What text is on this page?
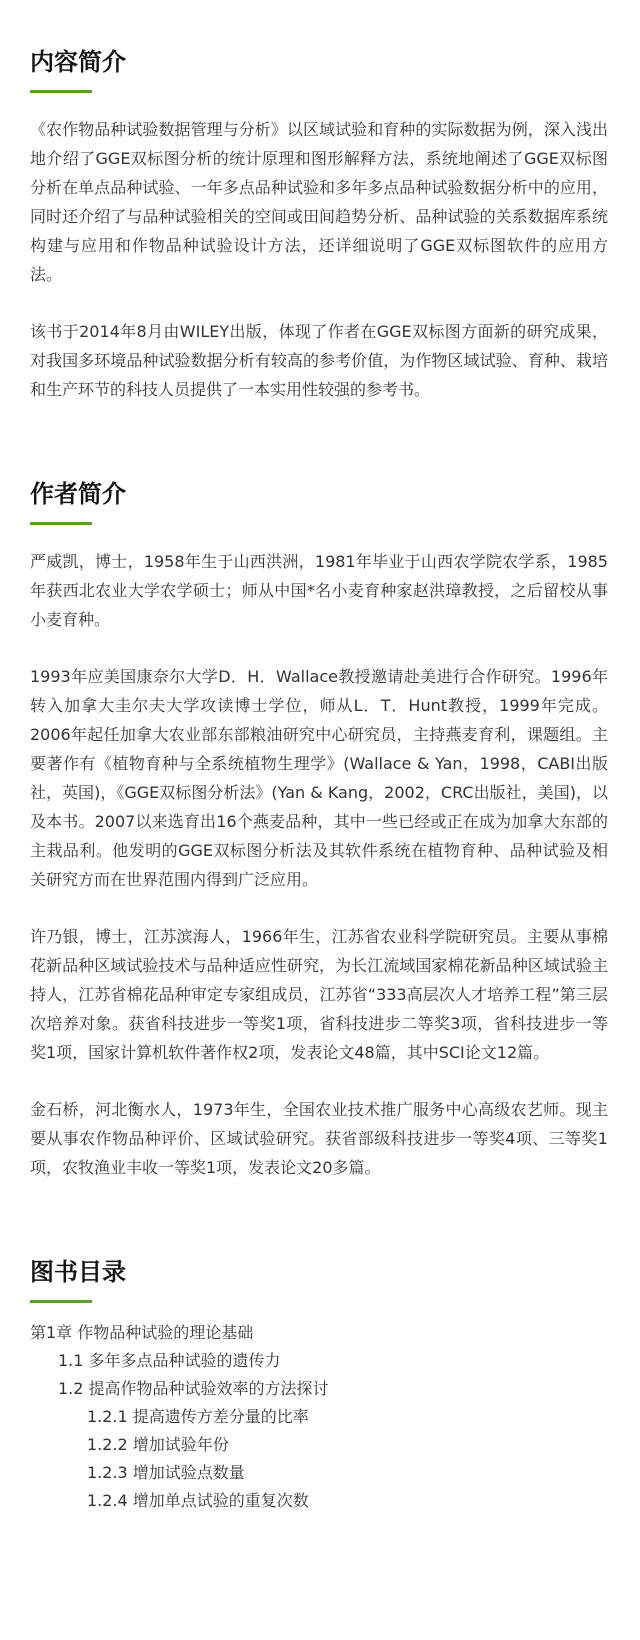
内容简介

《农作物品种试验数据管理与分析》以区域试验和育种的实际数据为例，深入浅出地介绍了GGE双标图分析的统计原理和图形解释方法，系统地阐述了GGE双标图分析在单点品种试验、一年多点品种试验和多年多点品种试验数据分析中的应用，同时还介绍了与品种试验相关的空间或田间趋势分析、品种试验的关系数据库系统构建与应用和作物品种试验设计方法，还详细说明了GGE双标图软件的应用方法。

该书于2014年8月由WILEY出版，体现了作者在GGE双标图方面新的研究成果，对我国多环境品种试验数据分析有较高的参考价值，为作物区域试验、育种、栽培和生产环节的科技人员提供了一本实用性较强的参考书。

作者简介

严威凯，博士，1958年生于山西洪洲，1981年毕业于山西农学院农学系，1985年获西北农业大学农学硕士；师从中国*名小麦育种家赵洪璋教授，之后留校从事小麦育种。

1993年应美国康奈尔大学D．H．Wallace教授邀请赴美进行合作研究。1996年转入加拿大圭尔夫大学攻读博士学位，师从L．T．Hunt教授，1999年完成。2006年起任加拿大农业部东部粮油研究中心研究员，主持燕麦育利，课题组。主要著作有《植物育种与全系统植物生理学》(Wallace & Yan，1998，CABI出版社，英国)，《GGE双标图分析法》(Yan & Kang，2002，CRC出版社，美国)，以及本书。2007以来选育出16个燕麦品种，其中一些已经或正在成为加拿大东部的主栽品利。他发明的GGE双标图分析法及其软件系统在植物育种、品种试验及相关研究方而在世界范围内得到广泛应用。

许乃银，博士，江苏滨海人，1966年生，江苏省农业科学院研究员。主要从事棉花新品种区域试验技术与品种适应性研究，为长江流域国家棉花新品种区域试验主持人，江苏省棉花品种审定专家组成员，江苏省“333高层次人才培养工程”第三层次培养对象。获省科技进步一等奖1项，省科技进步二等奖3项，省科技进步一等奖1项，国家计算机软件著作权2项，发表论文48篇，其中SCI论文12篇。

金石桥，河北衡水人，1973年生，全国农业技术推广服务中心高级农艺师。现主要从事农作物品种评价、区域试验研究。获省部级科技进步一等奖4项、三等奖1项，农牧渔业丰收一等奖1项，发表论文20多篇。

图书目录
第1章 作物品种试验的理论基础
1.1 多年多点品种试验的遗传力
1.2 提高作物品种试验效率的方法探讨
1.2.1 提高遗传方差分量的比率
1.2.2 增加试验年份
1.2.3 增加试验点数量
1.2.4 增加单点试验的重复次数
